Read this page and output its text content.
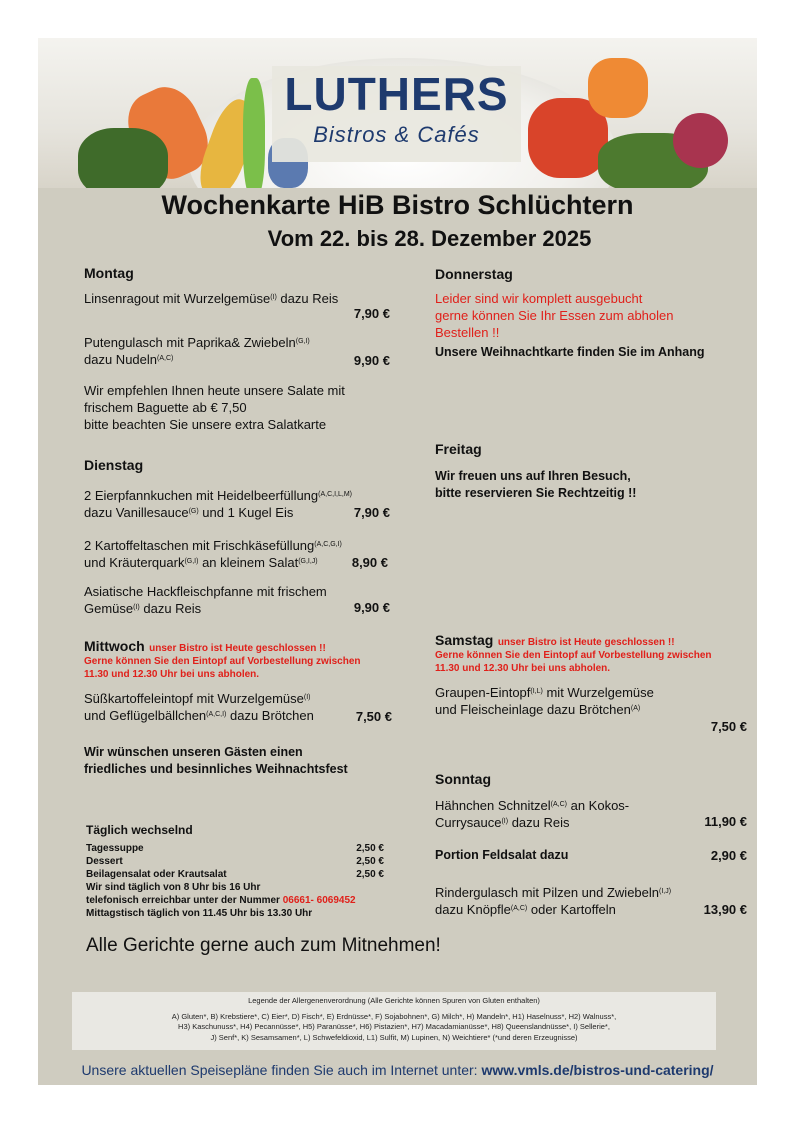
LUTHERS
Bistros & Cafés
Wochenkarte HiB Bistro Schlüchtern
Vom 22. bis 28. Dezember 2025
Montag
Linsenragout mit Wurzelgemüse$^{(I)}$ dazu Reis
7,90 €
Putengulasch mit Paprika& Zwiebeln$^{(G,I)}$
dazu Nudeln$^{(A,C)}$	9,90 €
Wir empfehlen Ihnen heute unsere Salate mit
frischem Baguette ab € 7,50
bitte beachten Sie unsere extra Salatkarte
Dienstag
2 Eierpfannkuchen mit Heidelbeerfüllung$^{(A,C,I,L,M)}$
dazu Vanillesauce$^{(G)}$ und 1 Kugel Eis	7,90 €
2 Kartoffeltaschen mit Frischkäsefüllung$^{(A,C,G,I)}$
und Kräuterquark$^{(G,I)}$ an kleinem Salat$^{(G,I,J)}$	8,90 €
Asiatische Hackfleischpfanne mit frischem
Gemüse$^{(I)}$ dazu Reis	9,90 €
Mittwoch unser Bistro ist Heute geschlossen !!
Gerne können Sie den Eintopf auf Vorbestellung zwischen
11.30 und 12.30 Uhr bei uns abholen.
Süßkartoffeleintopf mit Wurzelgemüse$^{(I)}$
und Geflügelbällchen$^{(A,C,I)}$ dazu Brötchen	7,50 €
Wir wünschen unseren Gästen einen
friedliches und besinnliches Weihnachtsfest
Täglich wechselnd
Tagessuppe	2,50 €
Dessert	2,50 €
Beilagensalat oder Krautsalat	2,50 €
Wir sind täglich von 8 Uhr bis 16 Uhr
telefonisch erreichbar unter der Nummer 06661- 6069452
Mittagstisch täglich von 11.45 Uhr bis 13.30 Uhr
Alle Gerichte gerne auch zum Mitnehmen!
Donnerstag
Leider sind wir komplett ausgebucht
gerne können Sie Ihr Essen zum abholen
Bestellen !!
Unsere Weihnachtkarte finden Sie im Anhang
Freitag
Wir freuen uns auf Ihren Besuch,
bitte reservieren Sie Rechtzeitig !!
Samstag unser Bistro ist Heute geschlossen !!
Gerne können Sie den Eintopf auf Vorbestellung zwischen
11.30 und 12.30 Uhr bei uns abholen.
Graupen-Eintopf$^{(I,L)}$ mit Wurzelgemüse
und Fleischeinlage dazu Brötchen$^{(A)}$
7,50 €
Sonntag
Hähnchen Schnitzel$^{(A,C)}$ an Kokos-
Currysauce$^{(I)}$ dazu Reis	11,90 €
Portion Feldsalat dazu	2,90 €
Rindergulasch mit Pilzen und Zwiebeln$^{(I,J)}$
dazu Knöpfle$^{(A,C)}$ oder Kartoffeln	13,90 €
Legende der Allergenenverordnung (Alle Gerichte können Spuren von Gluten enthalten)
A) Gluten*, B) Krebstiere*, C) Eier*, D) Fisch*, E) Erdnüsse*, F) Sojabohnen*, G) Milch*, H) Mandeln*, H1) Haselnuss*, H2) Walnuss*,
H3) Kaschunuss*, H4) Pecannüsse*, H5) Paranüsse*, H6) Pistazien*, H7) Macadamianüsse*, H8) Queenslandnüsse*, I) Sellerie*,
J) Senf*, K) Sesamsamen*, L) Schwefeldioxid, L1) Sulfit, M) Lupinen, N) Weichtiere* (*und deren Erzeugnisse)
Unsere aktuellen Speisepläne finden Sie auch im Internet unter: www.vmls.de/bistros-und-catering/
